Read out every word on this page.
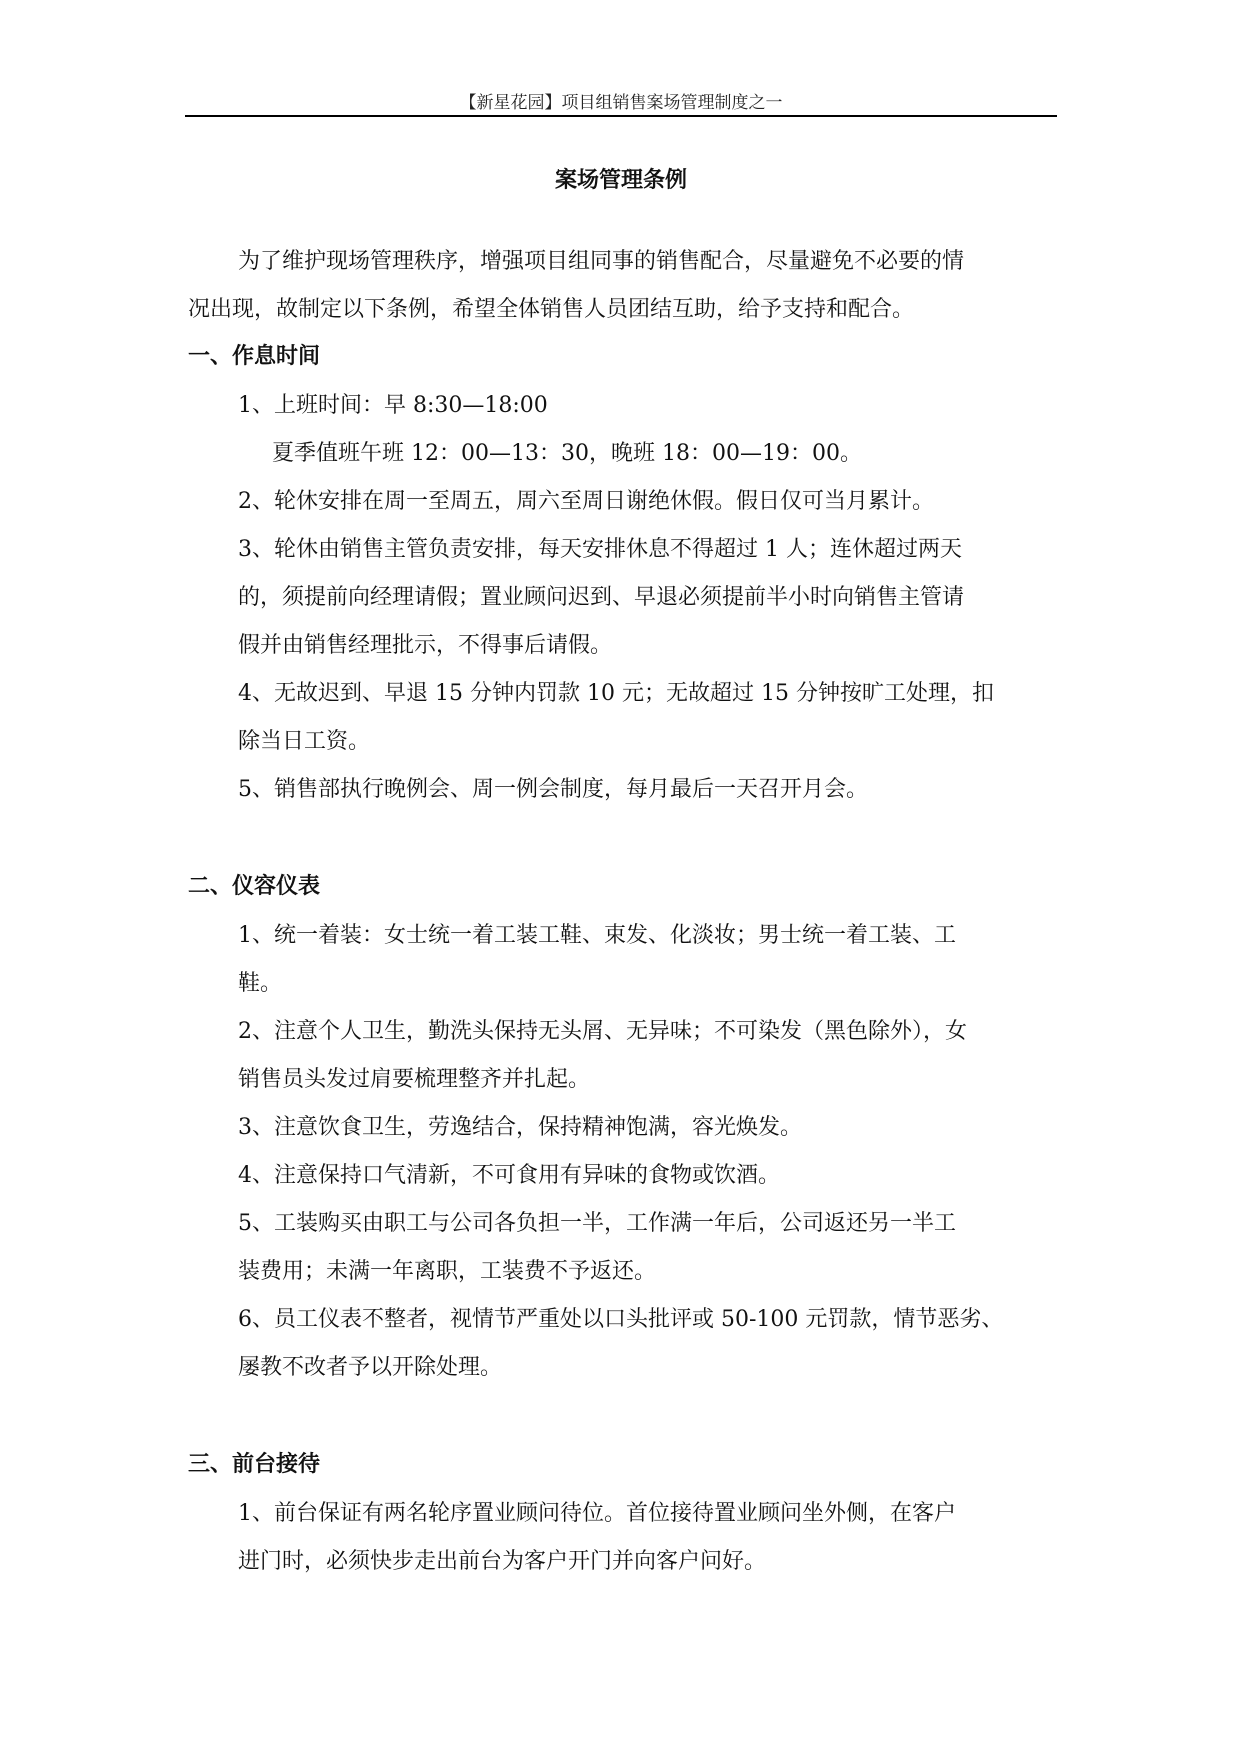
【新星花园】项目组销售案场管理制度之一
案场管理条例
为了维护现场管理秩序，增强项目组同事的销售配合，尽量避免不必要的情
况出现，故制定以下条例，希望全体销售人员团结互助，给予支持和配合。
一、作息时间
1、上班时间：早 8:30—18:00
夏季值班午班 12：00—13：30，晚班 18：00—19：00。
2、轮休安排在周一至周五，周六至周日谢绝休假。假日仅可当月累计。
3、轮休由销售主管负责安排，每天安排休息不得超过 1 人；连休超过两天
的，须提前向经理请假；置业顾问迟到、早退必须提前半小时向销售主管请
假并由销售经理批示，不得事后请假。
4、无故迟到、早退 15 分钟内罚款 10 元；无故超过 15 分钟按旷工处理，扣
除当日工资。
5、销售部执行晚例会、周一例会制度，每月最后一天召开月会。
二、仪容仪表
1、统一着装：女士统一着工装工鞋、束发、化淡妆；男士统一着工装、工
鞋。
2、注意个人卫生，勤洗头保持无头屑、无异味；不可染发（黑色除外），女
销售员头发过肩要梳理整齐并扎起。
3、注意饮食卫生，劳逸结合，保持精神饱满，容光焕发。
4、注意保持口气清新，不可食用有异味的食物或饮酒。
5、工装购买由职工与公司各负担一半，工作满一年后，公司返还另一半工
装费用；未满一年离职，工装费不予返还。
6、员工仪表不整者，视情节严重处以口头批评或 50-100 元罚款，情节恶劣、
屡教不改者予以开除处理。
三、前台接待
1、前台保证有两名轮序置业顾问待位。首位接待置业顾问坐外侧，在客户
进门时，必须快步走出前台为客户开门并向客户问好。
